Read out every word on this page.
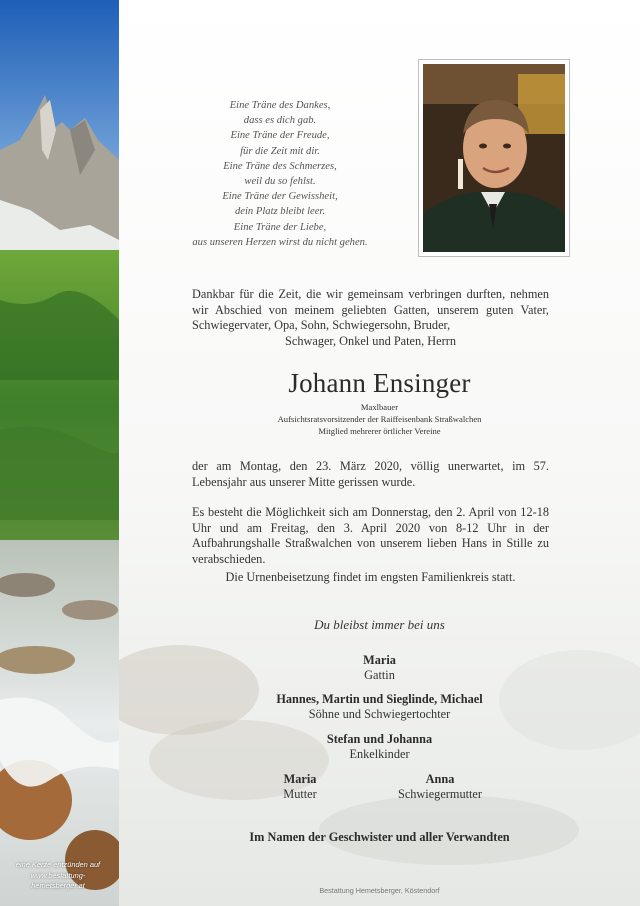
Eine Träne des Dankes,
dass es dich gab.
Eine Träne der Freude,
für die Zeit mit dir.
Eine Träne des Schmerzes,
weil du so fehlst.
Eine Träne der Gewissheit,
dein Platz bleibt leer.
Eine Träne der Liebe,
aus unseren Herzen wirst du nicht gehen.
Dankbar für die Zeit, die wir gemeinsam verbringen durften, nehmen wir Abschied von meinem geliebten Gatten, unserem guten Vater, Schwiegervater, Opa, Sohn, Schwiegersohn, Bruder,
Schwager, Onkel und Paten, Herrn
Johann Ensinger
Maxlbauer
Aufsichtsratsvorsitzender der Raiffeisenbank Straßwalchen
Mitglied mehrerer örtlicher Vereine
der am Montag, den 23. März 2020, völlig unerwartet, im 57. Lebensjahr aus unserer Mitte gerissen wurde.
Es besteht die Möglichkeit sich am Donnerstag, den 2. April von 12-18 Uhr und am Freitag, den 3. April 2020 von 8-12 Uhr in der Aufbahrungshalle Straßwalchen von unserem lieben Hans in Stille zu verabschieden.
Die Urnenbeisetzung findet im engsten Familienkreis statt.
Du bleibst immer bei uns
Maria
Gattin
Hannes, Martin und Sieglinde, Michael
Söhne und Schwiegertochter
Stefan und Johanna
Enkelkinder
Maria
Mutter
Anna
Schwiegermutter
Im Namen der Geschwister und aller Verwandten
Bestattung Hemetsberger, Köstendorf
eine Kerze entzünden auf
www.bestattung-
hemetsberger.at
